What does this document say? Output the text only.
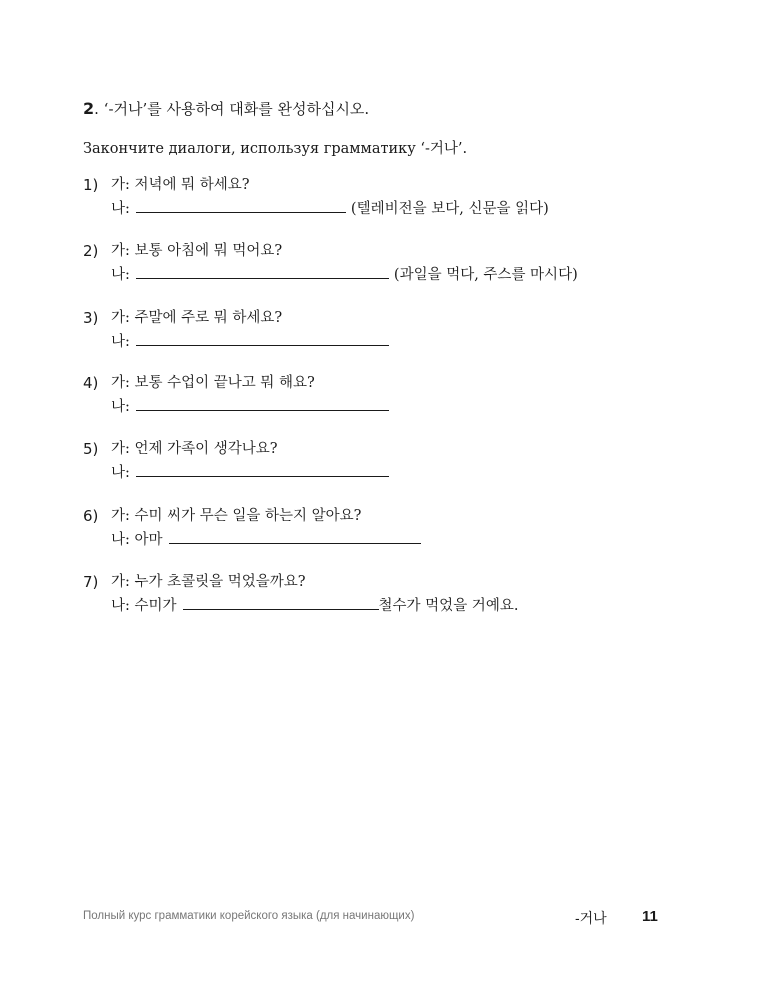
2. ‘-거나’를 사용하여 대화를 완성하십시오.
Закончите диалоги, используя грамматику ‘-거나’.
1) 가: 저녁에 뭐 하세요?
나:	(텔레비전을 보다, 신문을 읽다)
2) 가: 보통 아침에 뭐 먹어요?
나:	(과일을 먹다, 주스를 마시다)
3) 가: 주말에 주로 뭐 하세요?
나:
4) 가: 보통 수업이 끝나고 뭐 해요?
나:
5) 가: 언제 가족이 생각나요?
나:
6) 가: 수미 씨가 무슨 일을 하는지 알아요?
나:
아마
7) 가: 누가 초콜릿을 먹었을까요?
나:
수미가	철수가 먹었을 거예요.
Полный курс грамматики корейского языка (для начинающих)	-거나 11
